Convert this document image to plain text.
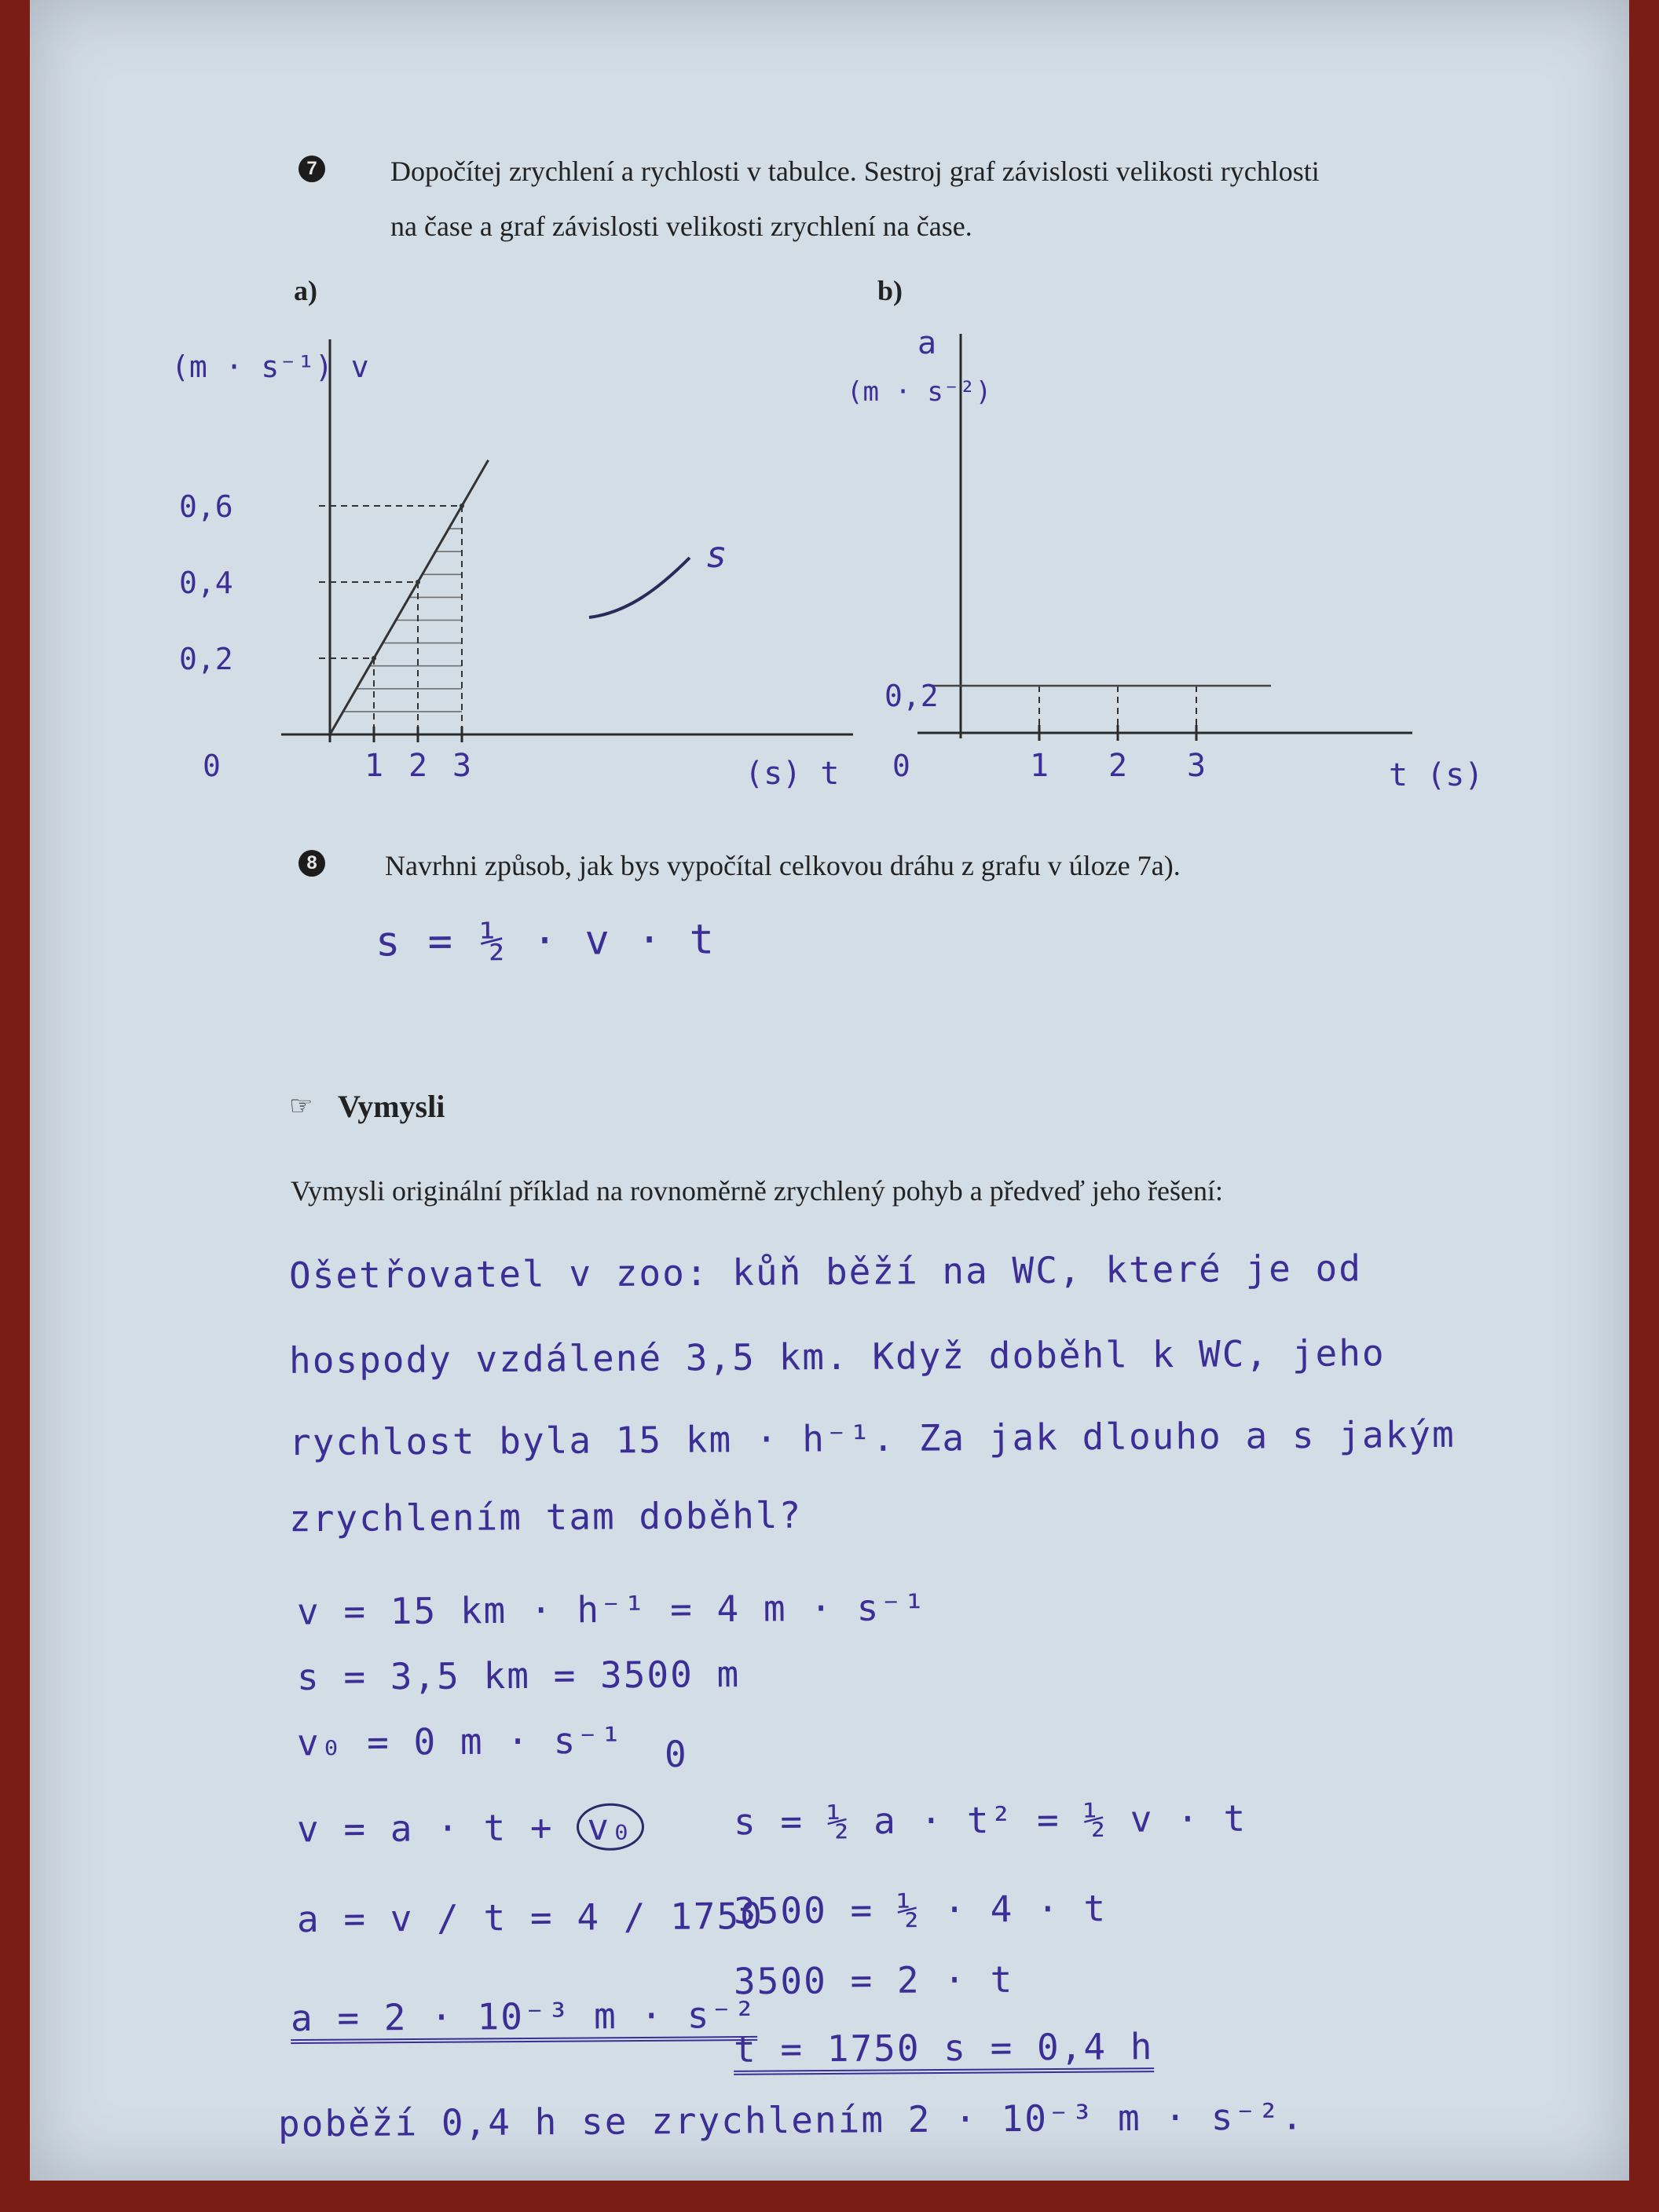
7	Dopočítej zrychlení a rychlosti v tabulce. Sestroj graf závislosti velikosti rychlosti
na čase a graf závislosti velikosti zrychlení na čase.
a)	b)
1 2 3
0,6
0,4
0,2
(m · s⁻¹) v
0	(s) t
s
1 2 3
0,2
a
(m · s⁻²)
0	t (s)
8 Navrhni způsob, jak bys vypočítal celkovou dráhu z grafu v úloze 7a).
s = ½ · v · t
☞ Vymysli
Vymysli originální příklad na rovnoměrně zrychlený pohyb a předveď jeho řešení:
Ošetřovatel v zoo: kůň běží na WC, které je od
hospody vzdálené 3,5 km. Když doběhl k WC, jeho
rychlost byla 15 km · h⁻¹. Za jak dlouho a s jakým
zrychlením tam doběhl?
v = 15 km · h⁻¹ = 4 m · s⁻¹
s = 3,5 km = 3500 m
v₀ = 0 m · s⁻¹ 0
v = a · t + v₀
a = v / t = 4 / 1750
a = 2 · 10⁻³ m · s⁻²
s = ½ a · t² = ½ v · t
3500 = ½ · 4 · t
3500 = 2 · t
t = 1750 s = 0,4 h
poběží 0,4 h se zrychlením 2 · 10⁻³ m · s⁻².
